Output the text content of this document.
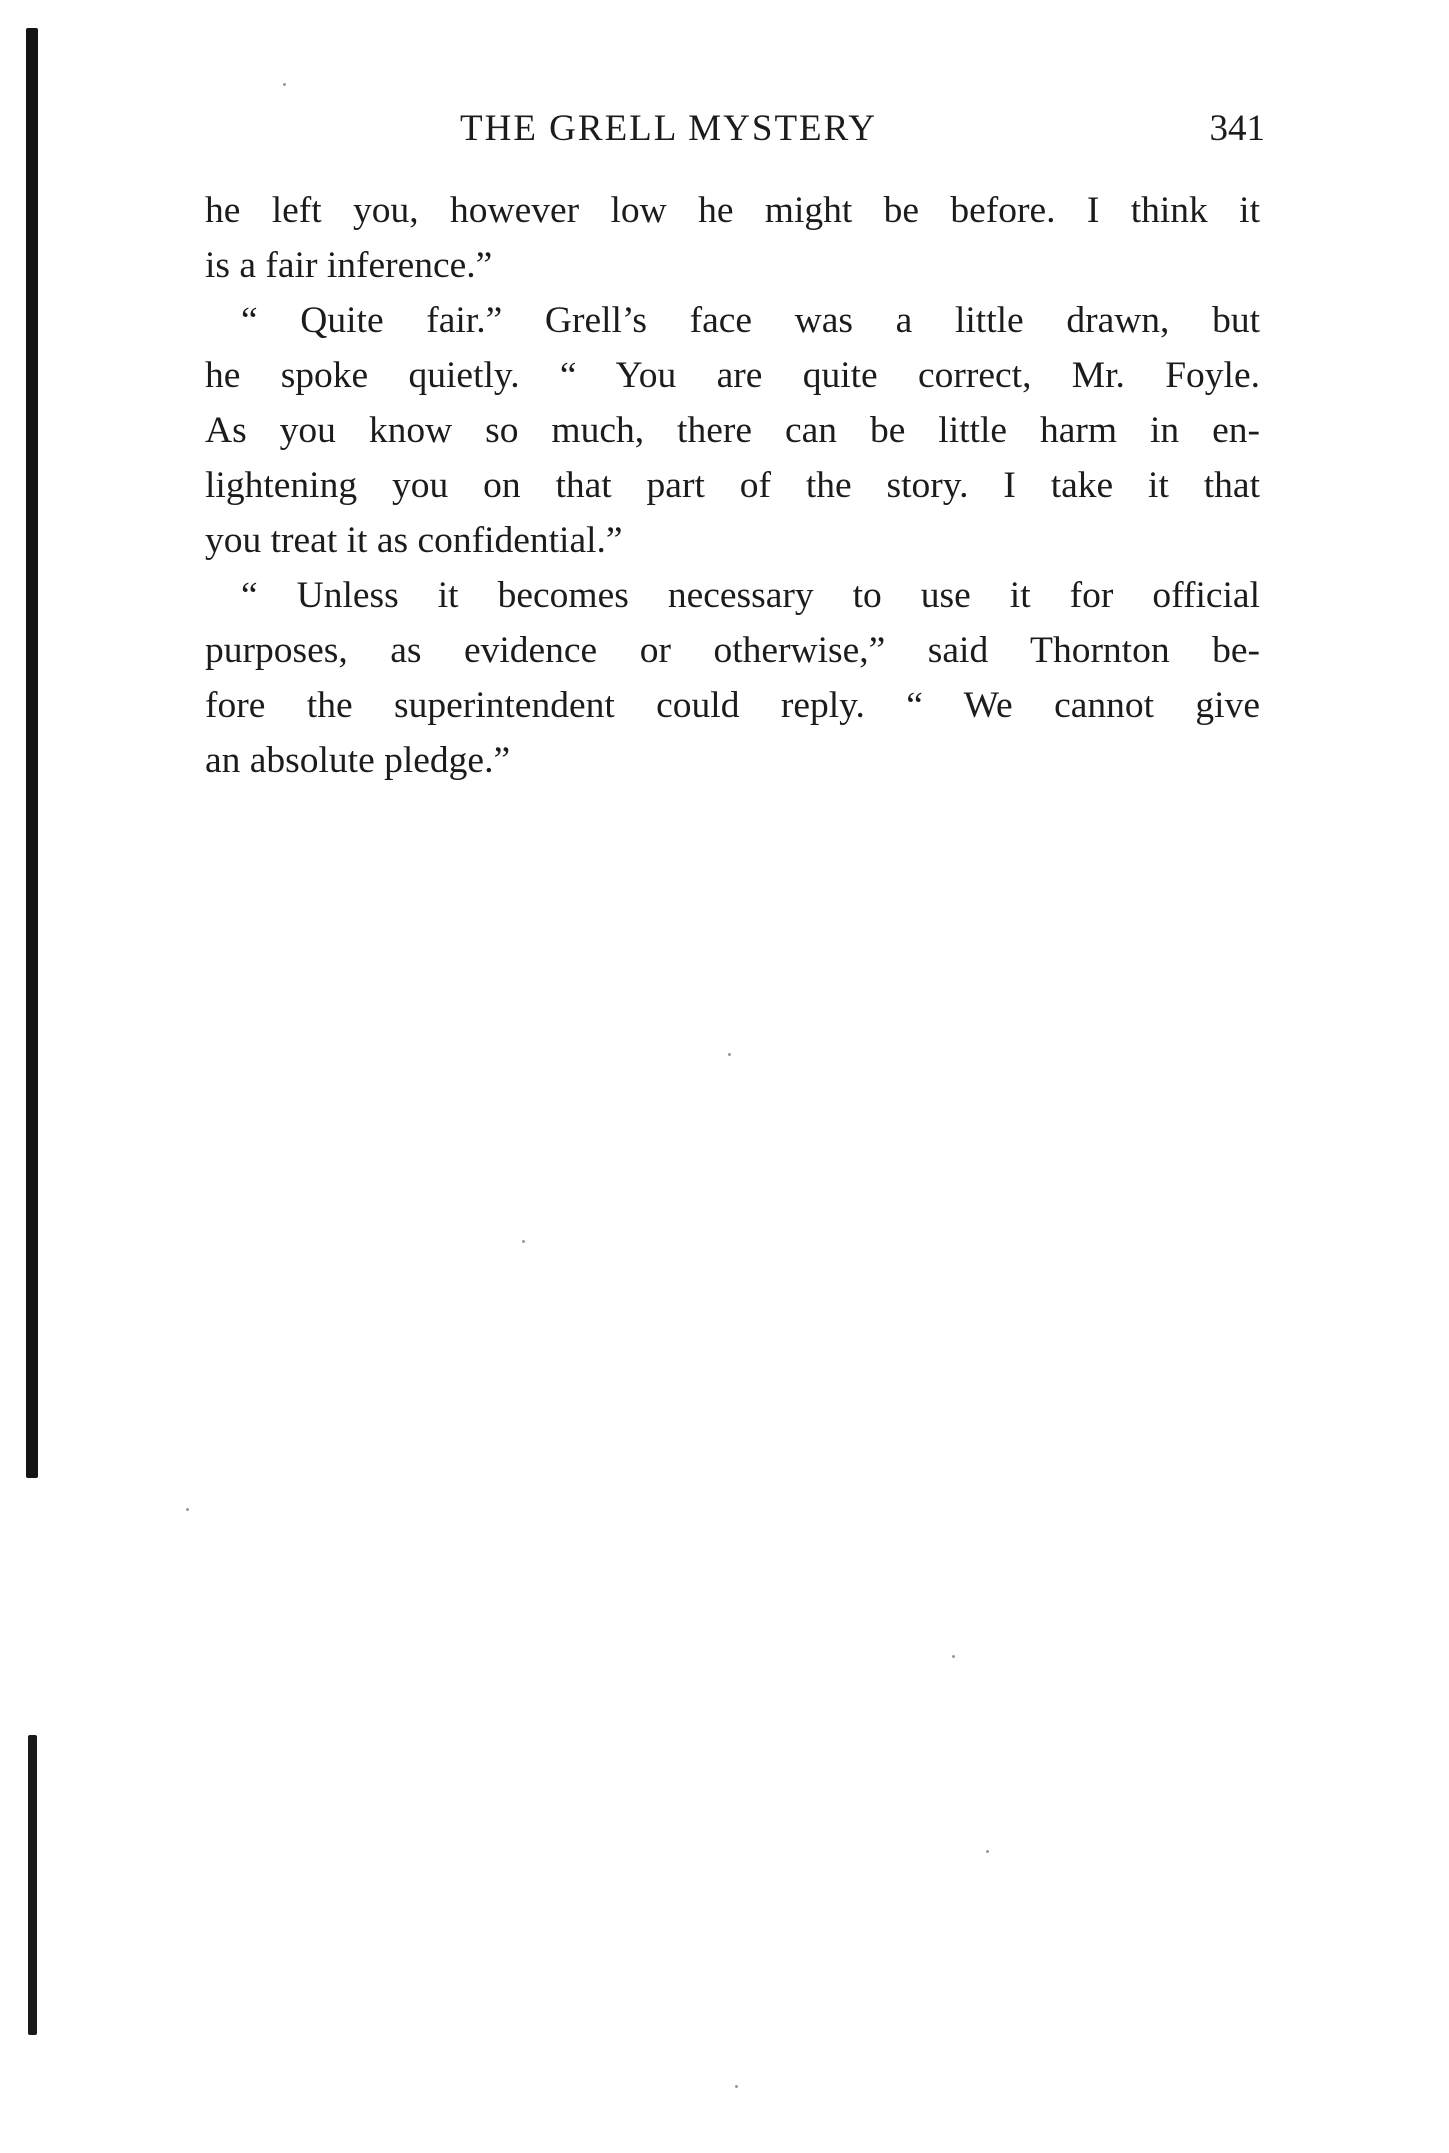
THE GRELL MYSTERY	341
he left you, however low he might be before. I think it
is a fair inference.”
“ Quite fair.” Grell’s face was a little drawn, but
he spoke quietly. “ You are quite correct, Mr. Foyle.
As you know so much, there can be little harm in en-
lightening you on that part of the story. I take it that
you treat it as confidential.”
“ Unless it becomes necessary to use it for official
purposes, as evidence or otherwise,” said Thornton be-
fore the superintendent could reply. “ We cannot give
an absolute pledge.”
